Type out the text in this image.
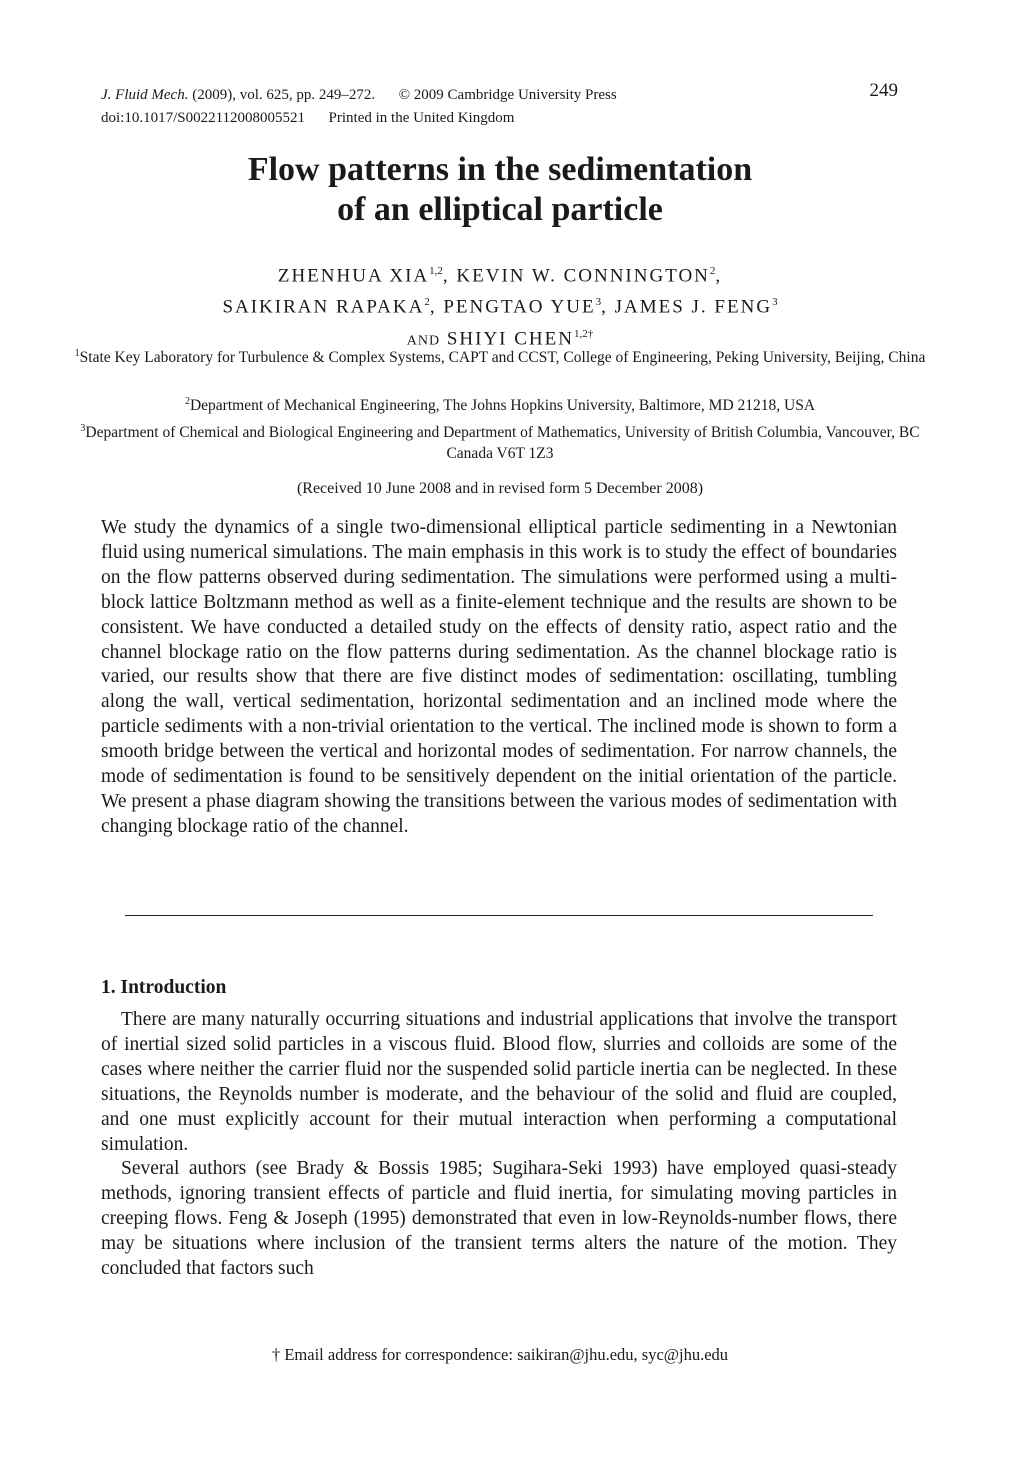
J. Fluid Mech. (2009), vol. 625, pp. 249–272. © 2009 Cambridge University Press
doi:10.1017/S0022112008005521 Printed in the United Kingdom
249
Flow patterns in the sedimentation
of an elliptical particle
ZHENHUA XIA$^{1,2}$, KEVIN W. CONNINGTON$^2$,
SAIKIRAN RAPAKA$^2$, PENGTAO YUE$^3$, JAMES J. FENG$^3$
AND SHIYI $CHEN^{1,2\dagger}$
$^1$State Key Laboratory for Turbulence & Complex Systems, CAPT and CCST, College of Engineering, Peking University, Beijing, China
$^2$Department of Mechanical Engineering, The Johns Hopkins University, Baltimore, MD 21218, USA
$^3$Department of Chemical and Biological Engineering and Department of Mathematics, University of British Columbia, Vancouver, BC Canada V6T 1Z3
(Received 10 June 2008 and in revised form 5 December 2008)
We study the dynamics of a single two-dimensional elliptical particle sedimenting in a Newtonian fluid using numerical simulations. The main emphasis in this work is to study the effect of boundaries on the flow patterns observed during sedimentation. The simulations were performed using a multi-block lattice Boltzmann method as well as a finite-element technique and the results are shown to be consistent. We have conducted a detailed study on the effects of density ratio, aspect ratio and the channel blockage ratio on the flow patterns during sedimentation. As the channel blockage ratio is varied, our results show that there are five distinct modes of sedimentation: oscillating, tumbling along the wall, vertical sedimentation, horizontal sedimentation and an inclined mode where the particle sediments with a non-trivial orientation to the vertical. The inclined mode is shown to form a smooth bridge between the vertical and horizontal modes of sedimentation. For narrow channels, the mode of sedimentation is found to be sensitively dependent on the initial orientation of the particle. We present a phase diagram showing the transitions between the various modes of sedimentation with changing blockage ratio of the channel.
1. Introduction

There are many naturally occurring situations and industrial applications that involve the transport of inertial sized solid particles in a viscous fluid. Blood flow, slurries and colloids are some of the cases where neither the carrier fluid nor the suspended solid particle inertia can be neglected. In these situations, the Reynolds number is moderate, and the behaviour of the solid and fluid are coupled, and one must explicitly account for their mutual interaction when performing a computational simulation.

Several authors (see Brady & Bossis 1985; Sugihara-Seki 1993) have employed quasi-steady methods, ignoring transient effects of particle and fluid inertia, for simulating moving particles in creeping flows. Feng & Joseph (1995) demonstrated that even in low-Reynolds-number flows, there may be situations where inclusion of the transient terms alters the nature of the motion. They concluded that factors such

† Email address for correspondence: saikiran@jhu.edu, syc@jhu.edu
